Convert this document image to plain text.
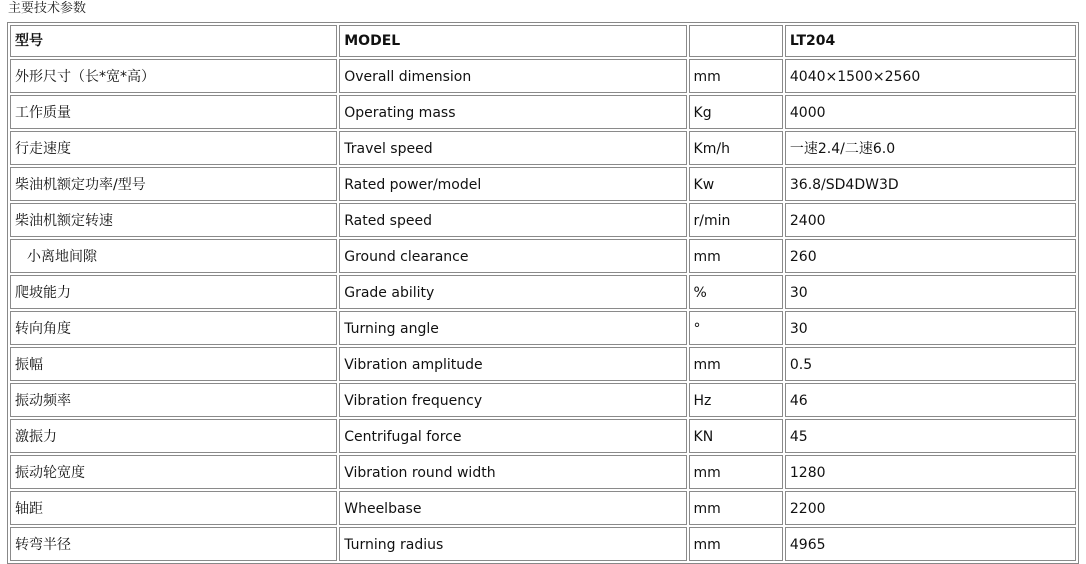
主要技术参数
型号	MODEL		LT204
外形尺寸（长*宽*高）	Overall dimension	mm	4040×1500×2560
工作质量	Operating mass	Kg	4000
行走速度	Travel speed	Km/h	一速2.4/二速6.0
柴油机额定功率/型号	Rated power/model	Kw	36.8/SD4DW3D
柴油机额定转速	Rated speed	r/min	2400
小离地间隙	Ground clearance	mm	260
爬坡能力	Grade ability	%	30
转向角度	Turning angle	°	30
振幅	Vibration amplitude	mm	0.5
振动频率	Vibration frequency	Hz	46
激振力	Centrifugal force	KN	45
振动轮宽度	Vibration round width	mm	1280
轴距	Wheelbase	mm	2200
转弯半径	Turning radius	mm	4965
